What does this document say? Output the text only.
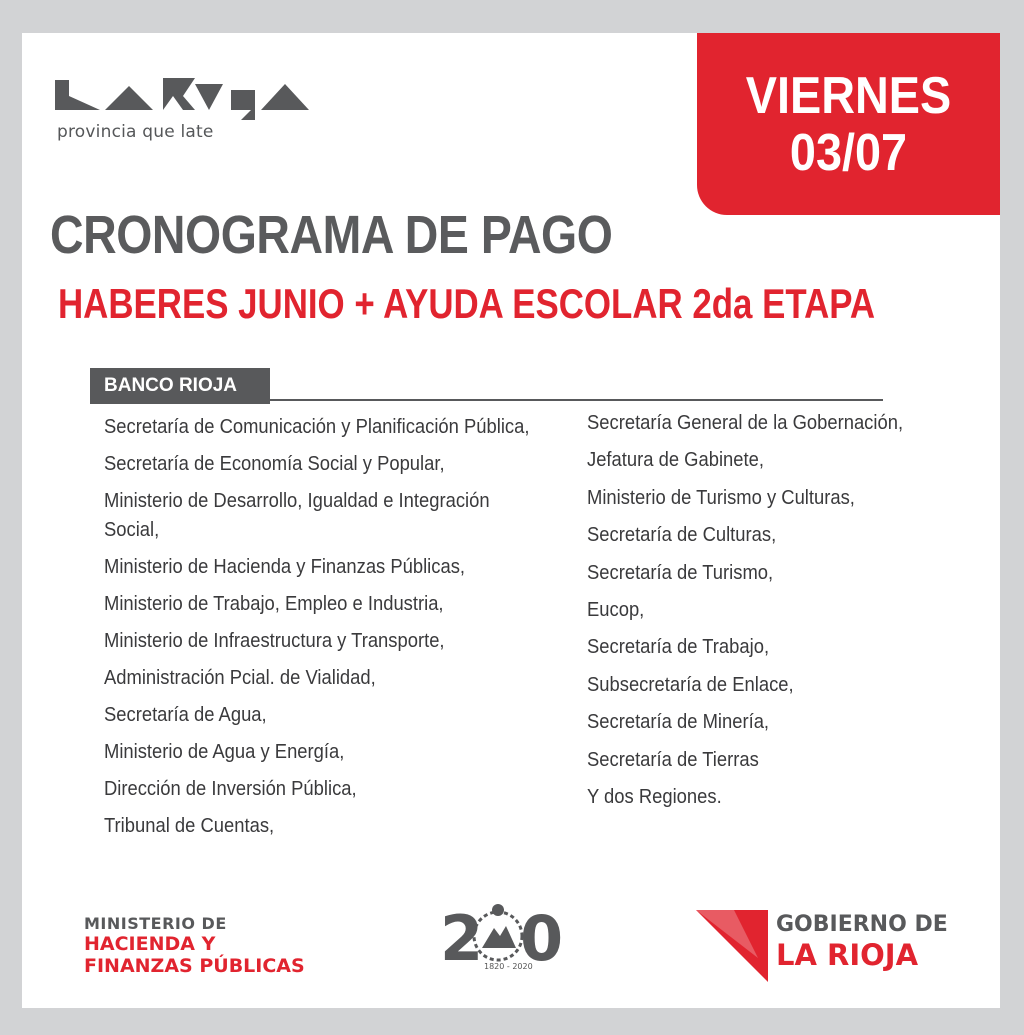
provincia que late
VIERNES
03/07
CRONOGRAMA DE PAGO
HABERES JUNIO + AYUDA ESCOLAR 2da ETAPA
BANCO RIOJA
Secretaría de Comunicación y Planificación Pública,
Secretaría de Economía Social y Popular,
Ministerio de Desarrollo, Igualdad e Integración Social,
Ministerio de Hacienda y Finanzas Públicas,
Ministerio de Trabajo, Empleo e Industria,
Ministerio de Infraestructura y Transporte,
Administración Pcial. de Vialidad,
Secretaría de Agua,
Ministerio de Agua y Energía,
Dirección de Inversión Pública,
Tribunal de Cuentas,
Secretaría General de la Gobernación,
Jefatura de Gabinete,
Ministerio de Turismo y Culturas,
Secretaría de Culturas,
Secretaría de Turismo,
Eucop,
Secretaría de Trabajo,
Subsecretaría de Enlace,
Secretaría de Minería,
Secretaría de Tierras
Y dos Regiones.
MINISTERIO DE
HACIENDA Y
FINANZAS PÚBLICAS 2 0
1820 - 2020
GOBIERNO DE
LA RIOJA
